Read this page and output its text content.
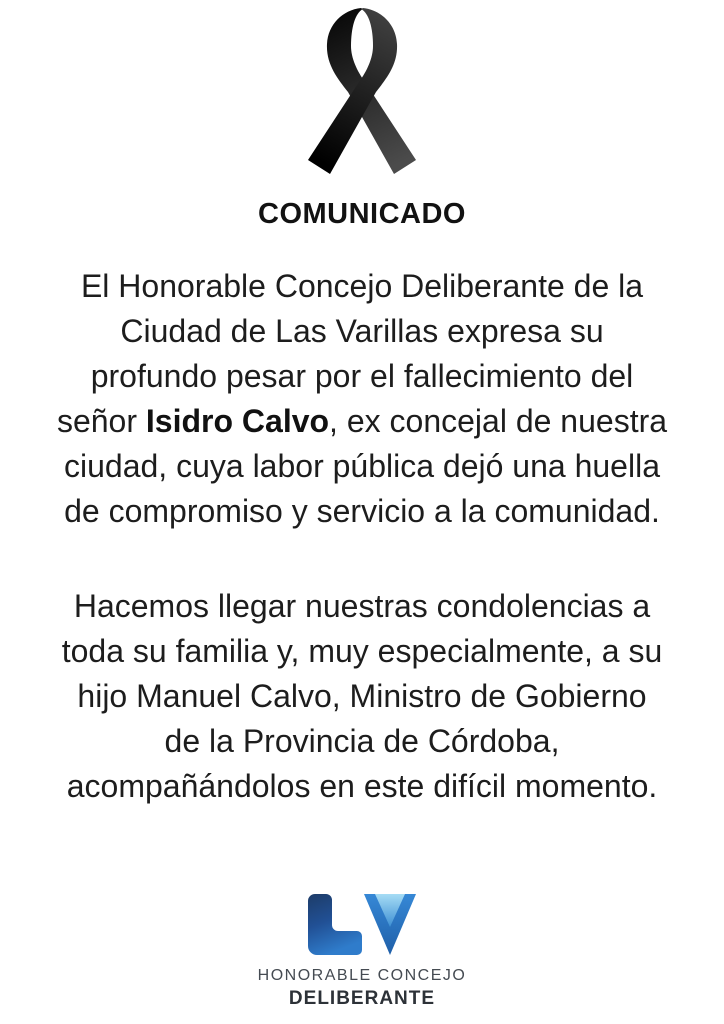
COMUNICADO
El Honorable Concejo Deliberante de la
Ciudad de Las Varillas expresa su
profundo pesar por el fallecimiento del
señor Isidro Calvo, ex concejal de nuestra
ciudad, cuya labor pública dejó una huella
de compromiso y servicio a la comunidad.
Hacemos llegar nuestras condolencias a
toda su familia y, muy especialmente, a su
hijo Manuel Calvo, Ministro de Gobierno
de la Provincia de Córdoba,
acompañándolos en este difícil momento.
HONORABLE CONCEJO
DELIBERANTE
